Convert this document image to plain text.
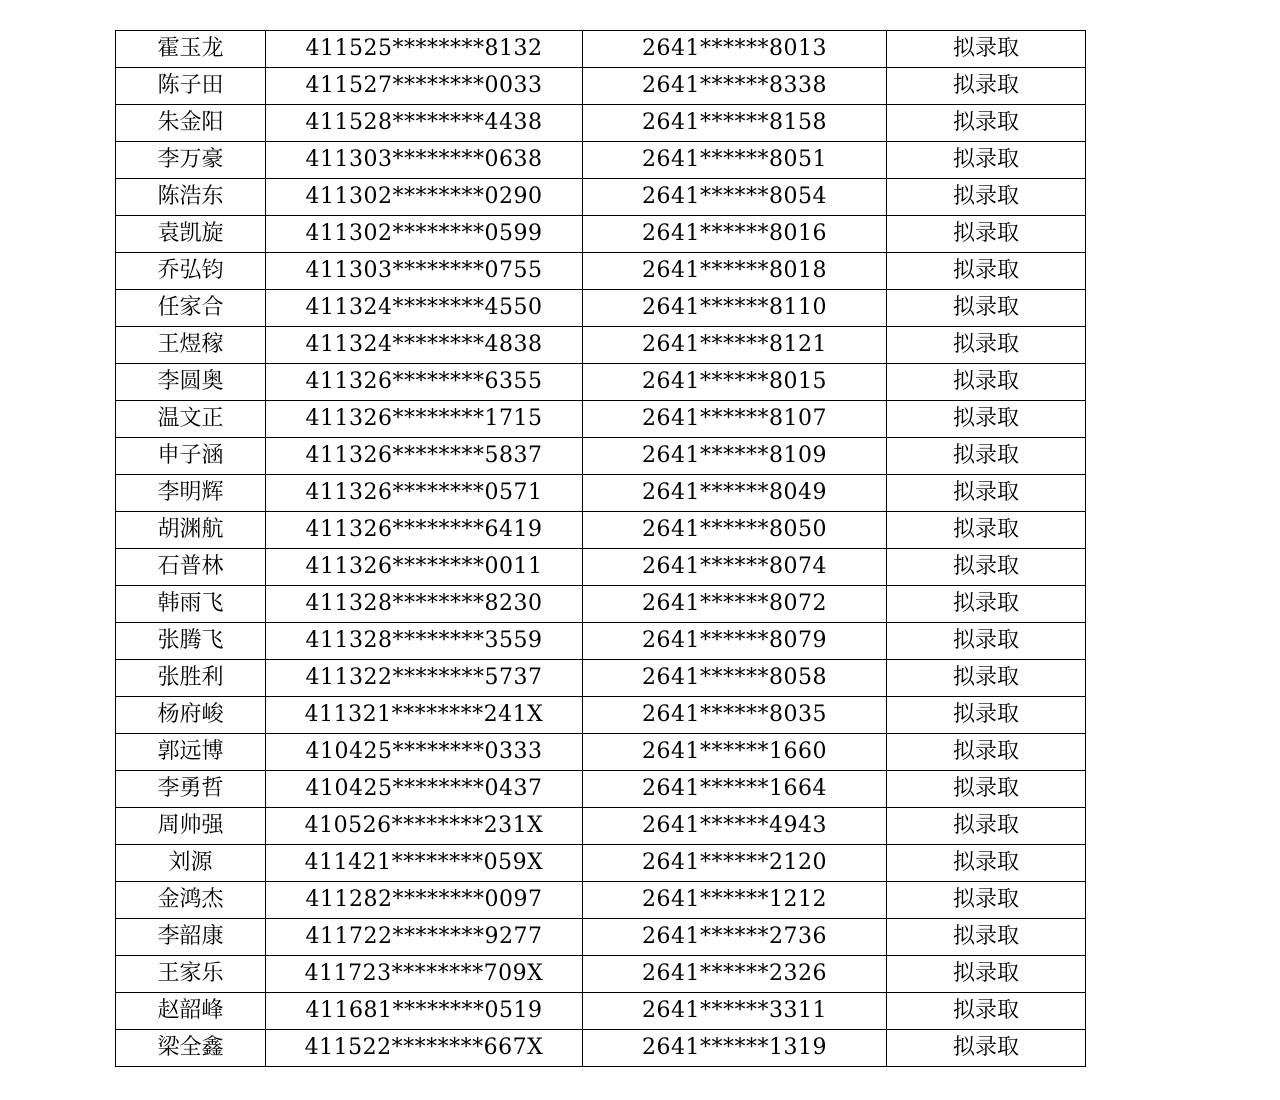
霍玉龙	411525********8132	2641******8013	拟录取
陈子田	411527********0033	2641******8338	拟录取
朱金阳	411528********4438	2641******8158	拟录取
李万豪	411303********0638	2641******8051	拟录取
陈浩东	411302********0290	2641******8054	拟录取
袁凯旋	411302********0599	2641******8016	拟录取
乔弘钧	411303********0755	2641******8018	拟录取
任家合	411324********4550	2641******8110	拟录取
王煜稼	411324********4838	2641******8121	拟录取
李圆奥	411326********6355	2641******8015	拟录取
温文正	411326********1715	2641******8107	拟录取
申子涵	411326********5837	2641******8109	拟录取
李明辉	411326********0571	2641******8049	拟录取
胡渊航	411326********6419	2641******8050	拟录取
石普林	411326********0011	2641******8074	拟录取
韩雨飞	411328********8230	2641******8072	拟录取
张腾飞	411328********3559	2641******8079	拟录取
张胜利	411322********5737	2641******8058	拟录取
杨府峻	411321********241X	2641******8035	拟录取
郭远博	410425********0333	2641******1660	拟录取
李勇哲	410425********0437	2641******1664	拟录取
周帅强	410526********231X	2641******4943	拟录取
刘源	411421********059X	2641******2120	拟录取
金鸿杰	411282********0097	2641******1212	拟录取
李韶康	411722********9277	2641******2736	拟录取
王家乐	411723********709X	2641******2326	拟录取
赵韶峰	411681********0519	2641******3311	拟录取
梁全鑫	411522********667X	2641******1319	拟录取
